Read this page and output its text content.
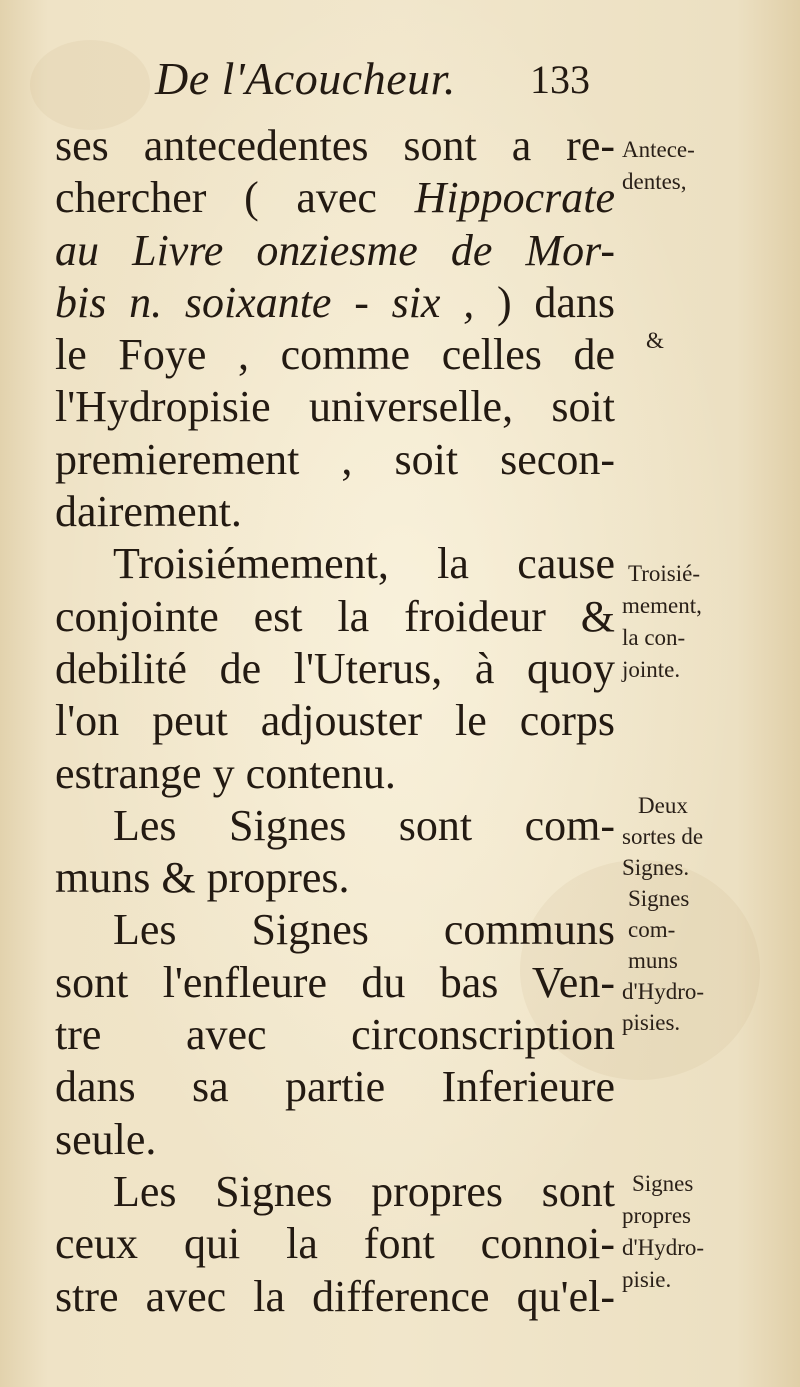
De l'Acoucheur. 133
ses antecedentes sont a re-
chercher ( avec Hippocrate
au Livre onziesme de Mor-
bis n. soixante - six , ) dans
le Foye , comme celles de
l'Hydropisie universelle, soit
premierement , soit secon-
dairement.
Troisiémement, la cause
conjointe est la froideur &
debilité de l'Uterus, à quoy
l'on peut adjouster le corps
estrange y contenu.
Les Signes sont com-
muns & propres.
Les Signes communs
sont l'enfleure du bas Ven-
tre avec circonscription
dans sa partie Inferieure
seule.
Les Signes propres sont
ceux qui la font connoi-
stre avec la difference qu'el-
Antece-
dentes,
&
Troisié-
mement,
la con-
jointe.
Deux
sortes de
Signes.
Signes
com-
muns
d'Hydro-
pisies.
Signes
propres
d'Hydro-
pisie.
